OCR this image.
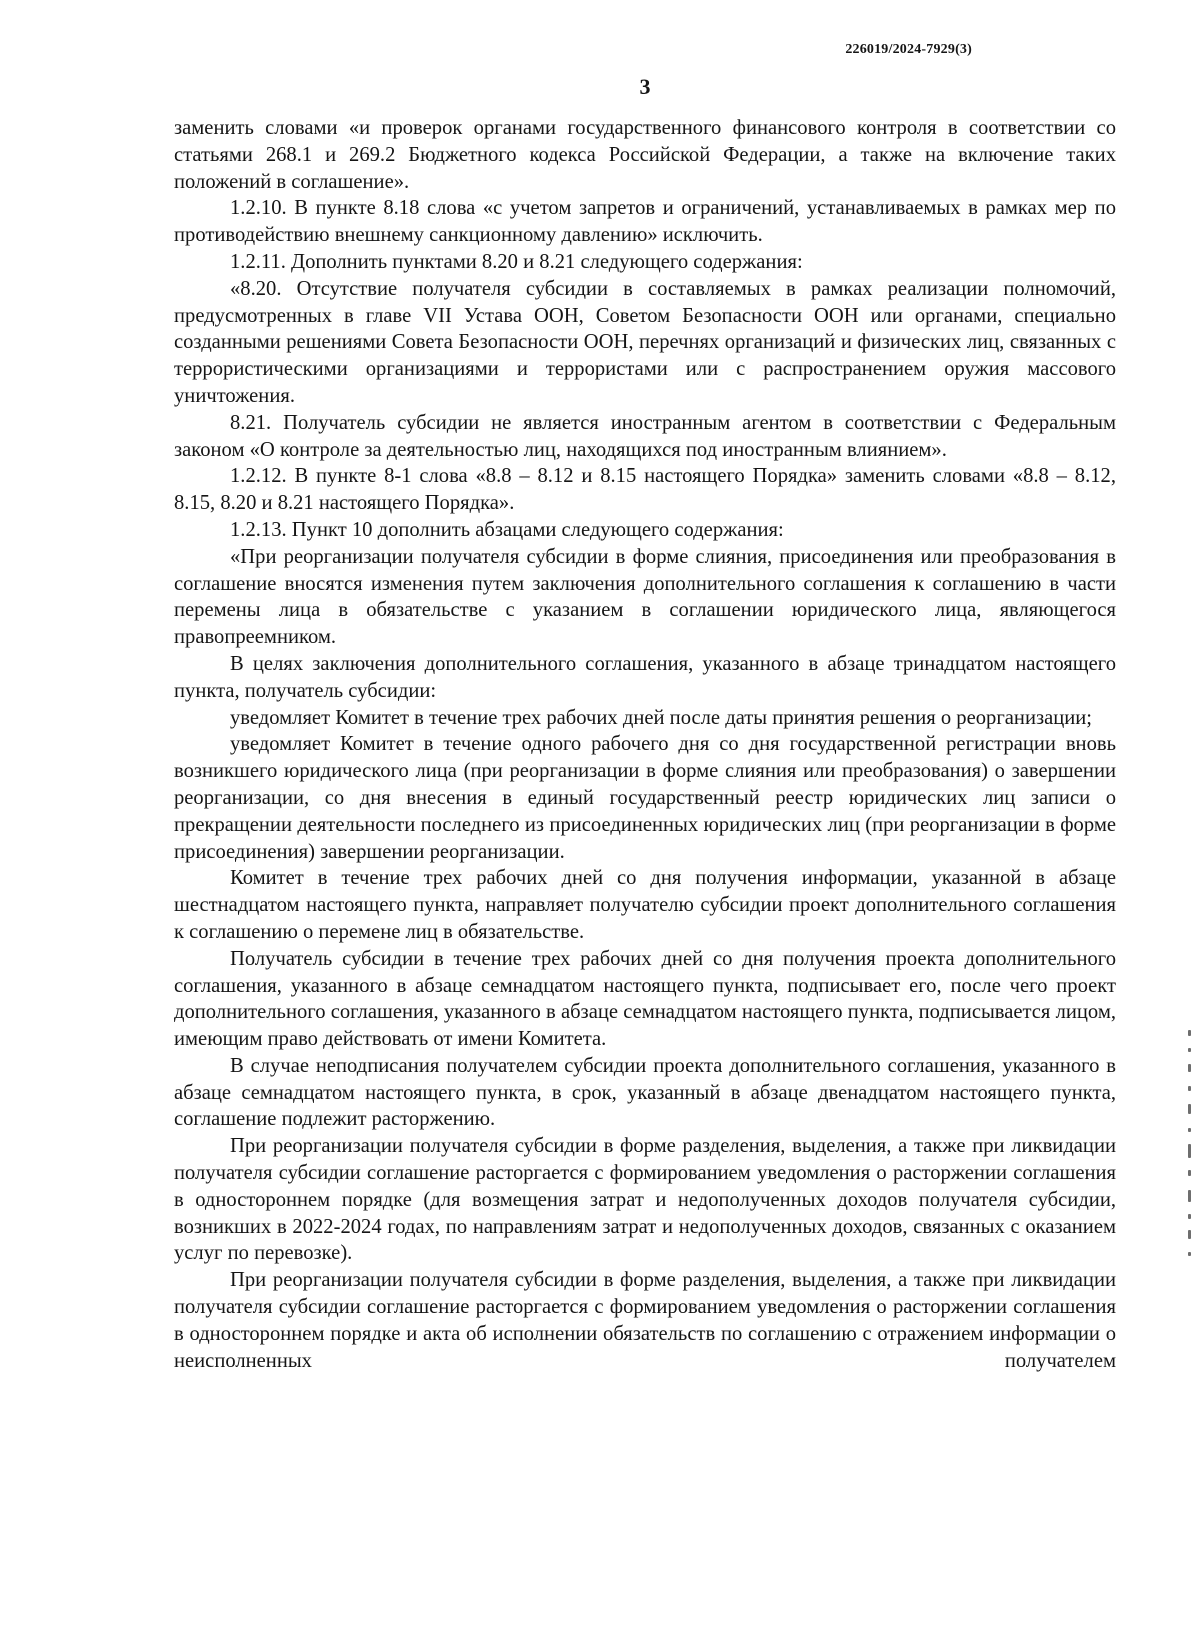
226019/2024-7929(3)
3

заменить словами «и проверок органами государственного финансового контроля в соответствии со статьями 268.1 и 269.2 Бюджетного кодекса Российской Федерации, а также на включение таких положений в соглашение».

1.2.10. В пункте 8.18 слова «с учетом запретов и ограничений, устанавливаемых в рамках мер по противодействию внешнему санкционному давлению» исключить.

1.2.11. Дополнить пунктами 8.20 и 8.21 следующего содержания:

«8.20. Отсутствие получателя субсидии в составляемых в рамках реализации полномочий, предусмотренных в главе VII Устава ООН, Советом Безопасности ООН или органами, специально созданными решениями Совета Безопасности ООН, перечнях организаций и физических лиц, связанных с террористическими организациями и террористами или с распространением оружия массового уничтожения.

8.21. Получатель субсидии не является иностранным агентом в соответствии с Федеральным законом «О контроле за деятельностью лиц, находящихся под иностранным влиянием».

1.2.12. В пункте 8-1 слова «8.8 – 8.12 и 8.15 настоящего Порядка» заменить словами «8.8 – 8.12, 8.15, 8.20 и 8.21 настоящего Порядка».

1.2.13. Пункт 10 дополнить абзацами следующего содержания:

«При реорганизации получателя субсидии в форме слияния, присоединения или преобразования в соглашение вносятся изменения путем заключения дополнительного соглашения к соглашению в части перемены лица в обязательстве с указанием в соглашении юридического лица, являющегося правопреемником.

В целях заключения дополнительного соглашения, указанного в абзаце тринадцатом настоящего пункта, получатель субсидии:

уведомляет Комитет в течение трех рабочих дней после даты принятия решения о реорганизации;

уведомляет Комитет в течение одного рабочего дня со дня государственной регистрации вновь возникшего юридического лица (при реорганизации в форме слияния или преобразования) о завершении реорганизации, со дня внесения в единый государственный реестр юридических лиц записи о прекращении деятельности последнего из присоединенных юридических лиц (при реорганизации в форме присоединения) завершении реорганизации.

Комитет в течение трех рабочих дней со дня получения информации, указанной в абзаце шестнадцатом настоящего пункта, направляет получателю субсидии проект дополнительного соглашения к соглашению о перемене лиц в обязательстве.

Получатель субсидии в течение трех рабочих дней со дня получения проекта дополнительного соглашения, указанного в абзаце семнадцатом настоящего пункта, подписывает его, после чего проект дополнительного соглашения, указанного в абзаце семнадцатом настоящего пункта, подписывается лицом, имеющим право действовать от имени Комитета.

В случае неподписания получателем субсидии проекта дополнительного соглашения, указанного в абзаце семнадцатом настоящего пункта, в срок, указанный в абзаце двенадцатом настоящего пункта, соглашение подлежит расторжению.

При реорганизации получателя субсидии в форме разделения, выделения, а также при ликвидации получателя субсидии соглашение расторгается с формированием уведомления о расторжении соглашения в одностороннем порядке (для возмещения затрат и недополученных доходов получателя субсидии, возникших в 2022-2024 годах, по направлениям затрат и недополученных доходов, связанных с оказанием услуг по перевозке).

При реорганизации получателя субсидии в форме разделения, выделения, а также при ликвидации получателя субсидии соглашение расторгается с формированием уведомления о расторжении соглашения в одностороннем порядке и акта об исполнении обязательств по соглашению с отражением информации о неисполненных получателем
